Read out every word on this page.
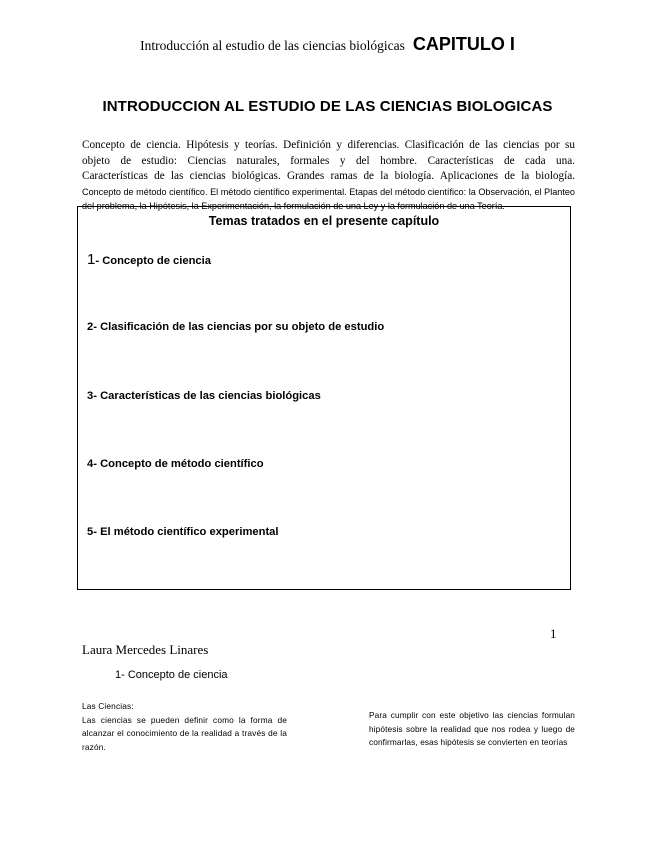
Introducción al estudio de las ciencias biológicas CAPITULO I
INTRODUCCION AL ESTUDIO DE LAS CIENCIAS BIOLOGICAS
Concepto de ciencia. Hipótesis y teorías. Definición y diferencias. Clasificación de las ciencias por su
objeto de estudio: Ciencias naturales, formales y del hombre. Características de cada una.
Características de las ciencias biológicas. Grandes ramas de la biología. Aplicaciones de la biología.
Concepto de método científico. El método científico experimental. Etapas del método científico: la Observación, el Planteo del problema, la Hipótesis, la Experimentación, la formulación de una Ley y la formulación de una Teoría.
Temas tratados en el presente capítulo
1- Concepto de ciencia
2- Clasificación de las ciencias por su objeto de estudio
3- Características de las ciencias biológicas
4- Concepto de método científico
5- El método científico experimental
1
Laura Mercedes Linares
1- Concepto de ciencia
Las Ciencias:
Las ciencias se pueden definir como la forma de alcanzar el conocimiento de la realidad a través de la razón.
Para cumplir con este objetivo las ciencias formulan hipótesis sobre la realidad que nos rodea y luego de confirmarlas, esas hipótesis se convierten en teorías
